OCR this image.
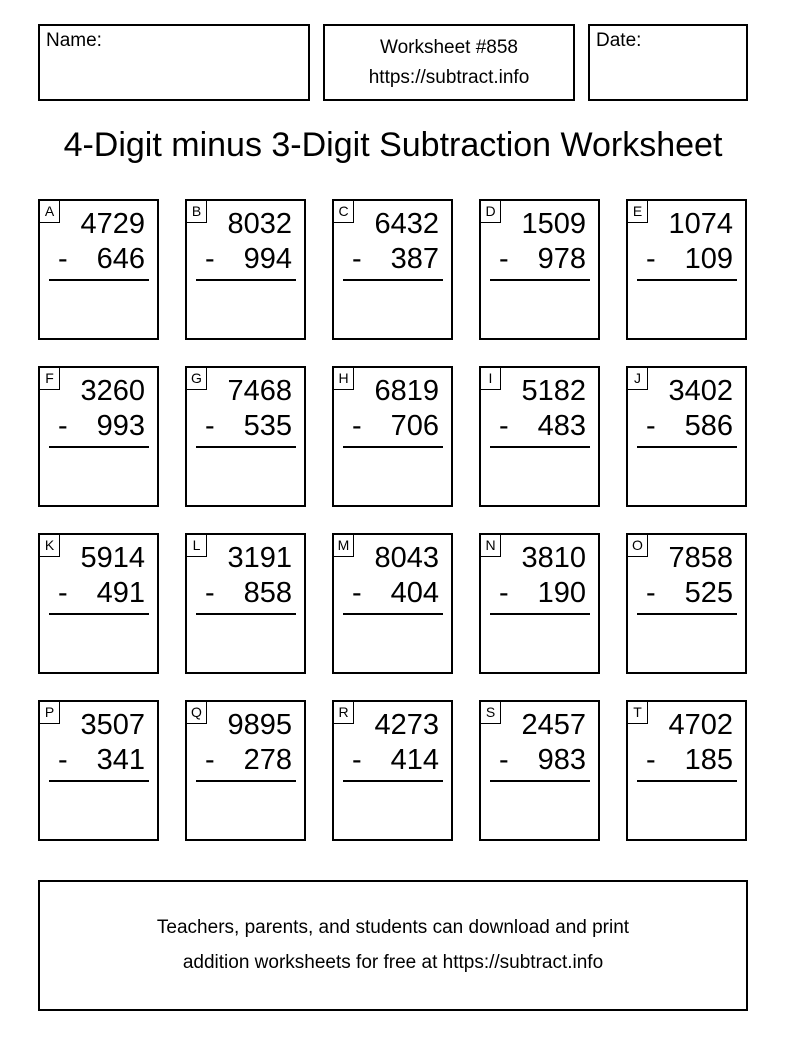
Name:	Worksheet #858
https://subtract.info
Date:
4-Digit minus 3-Digit Subtraction Worksheet
A 4729
- 646
B 8032
- 994
C 6432
- 387
D 1509
- 978
E 1074
- 109
F 3260
- 993
G 7468
- 535
H 6819
- 706
I 5182
- 483
J 3402
- 586
K 5914
- 491
L 3191
- 858
M 8043
- 404
N 3810
- 190
O 7858
- 525
P 3507
- 341
Q 9895
- 278
R 4273
- 414
S 2457
- 983
T 4702
- 185
Teachers, parents, and students can download and print
addition worksheets for free at https://subtract.info
